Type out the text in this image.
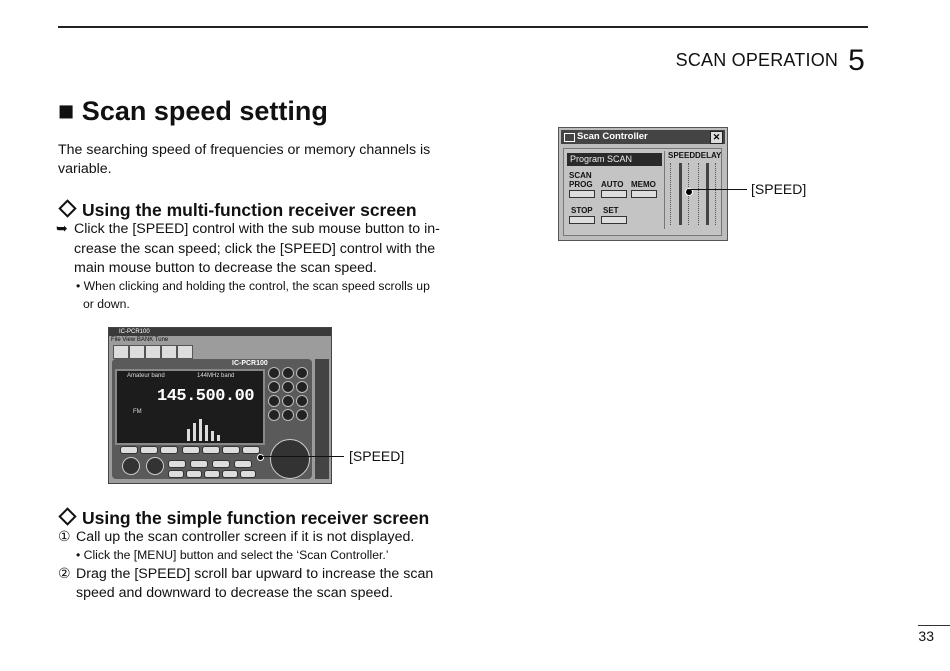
SCAN OPERATION 5
■ Scan speed setting
The searching speed of frequencies or memory channels is
variable.
Using the multi-function receiver screen
➥ Click the [SPEED] control with the sub mouse button to in-
crease the scan speed; click the [SPEED] control with the
main mouse button to decrease the scan speed.
• When clicking and holding the control, the scan speed scrolls up
or down.
IC-PCR100
File View BANK Tune
IC-PCR100
Amateur band	144MHz band
145.500.00
FM
[SPEED]
Scan Controller	✕
Program SCAN
SCAN
PROG AUTO MEMO
STOP SET
SPEED DELAY
[SPEED]
Using the simple function receiver screen
① Call up the scan controller screen if it is not displayed.
• Click the [MENU] button and select the ‘Scan Controller.’
② Drag the [SPEED] scroll bar upward to increase the scan
speed and downward to decrease the scan speed.
33
